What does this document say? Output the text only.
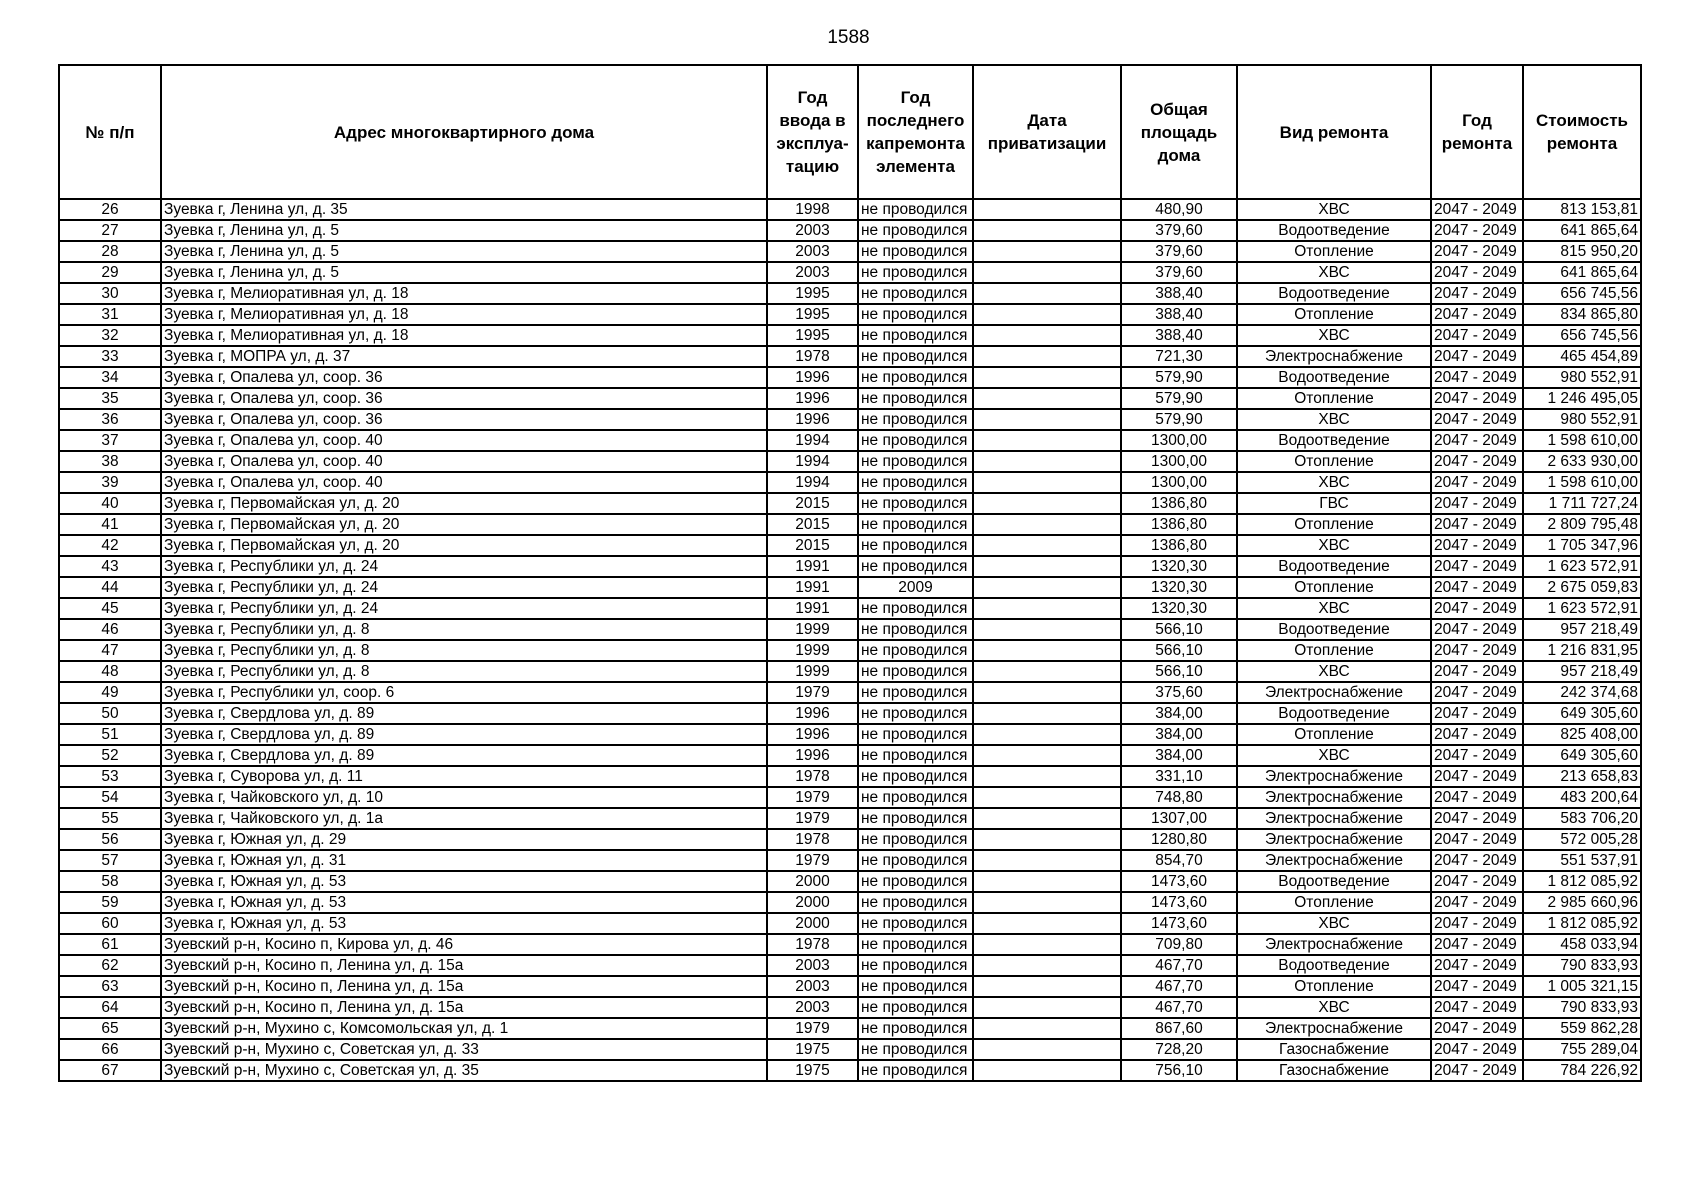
1588
№ п/п	Адрес многоквартирного дома	Год ввода в эксплуа-тацию	Год последнего капремонта элемента	Дата приватизации	Общая площадь дома	Вид ремонта	Год ремонта	Стоимость ремонта
26	Зуевка г, Ленина ул, д. 35	1998	не проводился		480,90	ХВС	2047 - 2049	813 153,81
27	Зуевка г, Ленина ул, д. 5	2003	не проводился		379,60	Водоотведение	2047 - 2049	641 865,64
28	Зуевка г, Ленина ул, д. 5	2003	не проводился		379,60	Отопление	2047 - 2049	815 950,20
29	Зуевка г, Ленина ул, д. 5	2003	не проводился		379,60	ХВС	2047 - 2049	641 865,64
30	Зуевка г, Мелиоративная ул, д. 18	1995	не проводился		388,40	Водоотведение	2047 - 2049	656 745,56
31	Зуевка г, Мелиоративная ул, д. 18	1995	не проводился		388,40	Отопление	2047 - 2049	834 865,80
32	Зуевка г, Мелиоративная ул, д. 18	1995	не проводился		388,40	ХВС	2047 - 2049	656 745,56
33	Зуевка г, МОПРА ул, д. 37	1978	не проводился		721,30	Электроснабжение	2047 - 2049	465 454,89
34	Зуевка г, Опалева ул, соор. 36	1996	не проводился		579,90	Водоотведение	2047 - 2049	980 552,91
35	Зуевка г, Опалева ул, соор. 36	1996	не проводился		579,90	Отопление	2047 - 2049	1 246 495,05
36	Зуевка г, Опалева ул, соор. 36	1996	не проводился		579,90	ХВС	2047 - 2049	980 552,91
37	Зуевка г, Опалева ул, соор. 40	1994	не проводился		1300,00	Водоотведение	2047 - 2049	1 598 610,00
38	Зуевка г, Опалева ул, соор. 40	1994	не проводился		1300,00	Отопление	2047 - 2049	2 633 930,00
39	Зуевка г, Опалева ул, соор. 40	1994	не проводился		1300,00	ХВС	2047 - 2049	1 598 610,00
40	Зуевка г, Первомайская ул, д. 20	2015	не проводился		1386,80	ГВС	2047 - 2049	1 711 727,24
41	Зуевка г, Первомайская ул, д. 20	2015	не проводился		1386,80	Отопление	2047 - 2049	2 809 795,48
42	Зуевка г, Первомайская ул, д. 20	2015	не проводился		1386,80	ХВС	2047 - 2049	1 705 347,96
43	Зуевка г, Республики ул, д. 24	1991	не проводился		1320,30	Водоотведение	2047 - 2049	1 623 572,91
44	Зуевка г, Республики ул, д. 24	1991	2009		1320,30	Отопление	2047 - 2049	2 675 059,83
45	Зуевка г, Республики ул, д. 24	1991	не проводился		1320,30	ХВС	2047 - 2049	1 623 572,91
46	Зуевка г, Республики ул, д. 8	1999	не проводился		566,10	Водоотведение	2047 - 2049	957 218,49
47	Зуевка г, Республики ул, д. 8	1999	не проводился		566,10	Отопление	2047 - 2049	1 216 831,95
48	Зуевка г, Республики ул, д. 8	1999	не проводился		566,10	ХВС	2047 - 2049	957 218,49
49	Зуевка г, Республики ул, соор. 6	1979	не проводился		375,60	Электроснабжение	2047 - 2049	242 374,68
50	Зуевка г, Свердлова ул, д. 89	1996	не проводился		384,00	Водоотведение	2047 - 2049	649 305,60
51	Зуевка г, Свердлова ул, д. 89	1996	не проводился		384,00	Отопление	2047 - 2049	825 408,00
52	Зуевка г, Свердлова ул, д. 89	1996	не проводился		384,00	ХВС	2047 - 2049	649 305,60
53	Зуевка г, Суворова ул, д. 11	1978	не проводился		331,10	Электроснабжение	2047 - 2049	213 658,83
54	Зуевка г, Чайковского ул, д. 10	1979	не проводился		748,80	Электроснабжение	2047 - 2049	483 200,64
55	Зуевка г, Чайковского ул, д. 1а	1979	не проводился		1307,00	Электроснабжение	2047 - 2049	583 706,20
56	Зуевка г, Южная ул, д. 29	1978	не проводился		1280,80	Электроснабжение	2047 - 2049	572 005,28
57	Зуевка г, Южная ул, д. 31	1979	не проводился		854,70	Электроснабжение	2047 - 2049	551 537,91
58	Зуевка г, Южная ул, д. 53	2000	не проводился		1473,60	Водоотведение	2047 - 2049	1 812 085,92
59	Зуевка г, Южная ул, д. 53	2000	не проводился		1473,60	Отопление	2047 - 2049	2 985 660,96
60	Зуевка г, Южная ул, д. 53	2000	не проводился		1473,60	ХВС	2047 - 2049	1 812 085,92
61	Зуевский р-н, Косино п, Кирова ул, д. 46	1978	не проводился		709,80	Электроснабжение	2047 - 2049	458 033,94
62	Зуевский р-н, Косино п, Ленина ул, д. 15а	2003	не проводился		467,70	Водоотведение	2047 - 2049	790 833,93
63	Зуевский р-н, Косино п, Ленина ул, д. 15а	2003	не проводился		467,70	Отопление	2047 - 2049	1 005 321,15
64	Зуевский р-н, Косино п, Ленина ул, д. 15а	2003	не проводился		467,70	ХВС	2047 - 2049	790 833,93
65	Зуевский р-н, Мухино с, Комсомольская ул, д. 1	1979	не проводился		867,60	Электроснабжение	2047 - 2049	559 862,28
66	Зуевский р-н, Мухино с, Советская ул, д. 33	1975	не проводился		728,20	Газоснабжение	2047 - 2049	755 289,04
67	Зуевский р-н, Мухино с, Советская ул, д. 35	1975	не проводился		756,10	Газоснабжение	2047 - 2049	784 226,92
